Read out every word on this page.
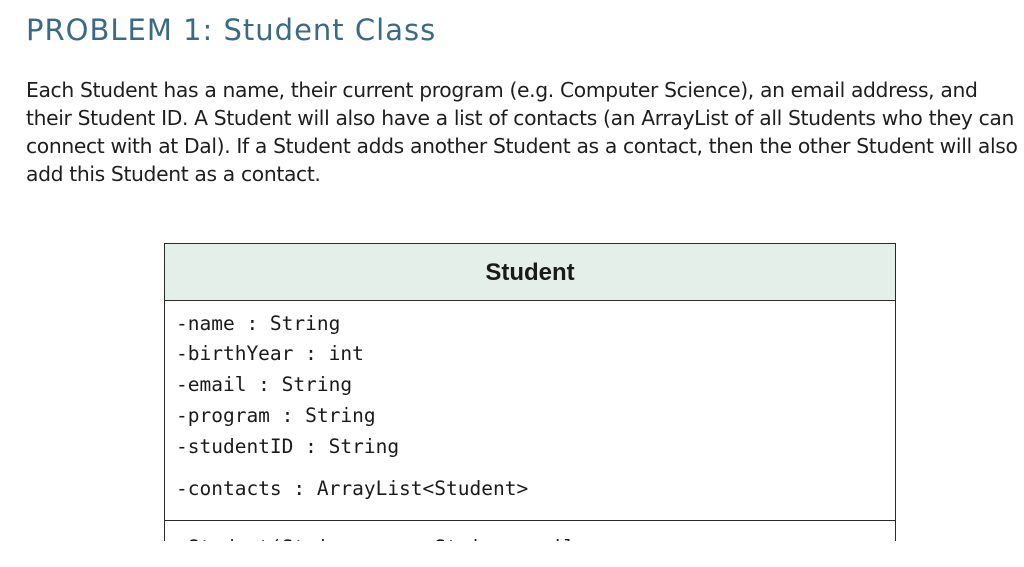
PROBLEM 1: Student Class

Each Student has a name, their current program (e.g. Computer Science), an email address, and their Student ID. A Student will also have a list of contacts (an ArrayList of all Students who they can connect with at Dal). If a Student adds another Student as a contact, then the other Student will also add this Student as a contact.

Student
-name : String
-birthYear : int
-email : String
-program : String
-studentID : String
-contacts : ArrayList<Student>
